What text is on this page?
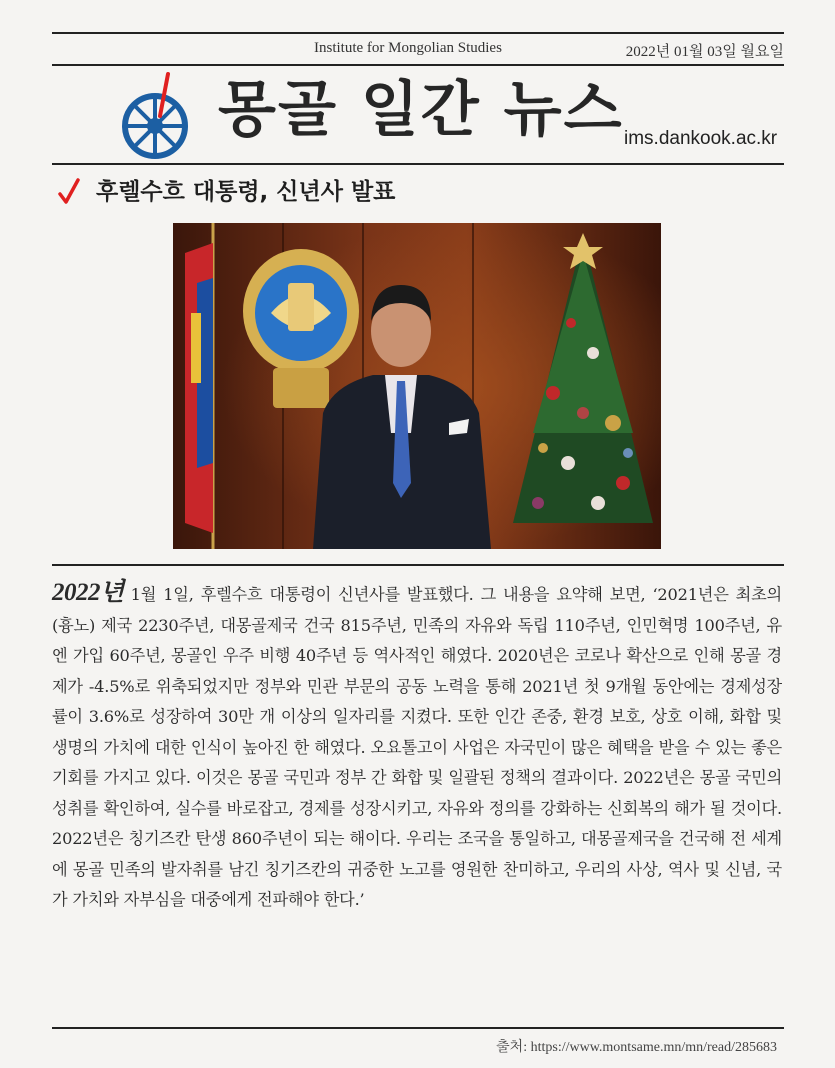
Institute for Mongolian Studies	2022년 01월 03일 월요일
몽골 일간 뉴스 ims.dankook.ac.kr
후렐수흐 대통령, 신년사 발표
2022년 1월 1일, 후렐수흐 대통령이 신년사를 발표했다. 그 내용을 요약해 보면, ‘2021년은 최초의 (흉노) 제국 2230주년, 대몽골제국 건국 815주년, 민족의 자유와 독립 110주년, 인민혁명 100주년, 유엔 가입 60주년, 몽골인 우주 비행 40주년 등 역사적인 해였다. 2020년은 코로나 확산으로 인해 몽골 경제가 -4.5%로 위축되었지만 정부와 민관 부문의 공동 노력을 통해 2021년 첫 9개월 동안에는 경제성장률이 3.6%로 성장하여 30만 개 이상의 일자리를 지켰다. 또한 인간 존중, 환경 보호, 상호 이해, 화합 및 생명의 가치에 대한 인식이 높아진 한 해였다. 오요톨고이 사업은 자국민이 많은 혜택을 받을 수 있는 좋은 기회를 가지고 있다. 이것은 몽골 국민과 정부 간 화합 및 일괄된 정책의 결과이다. 2022년은 몽골 국민의 성취를 확인하여, 실수를 바로잡고, 경제를 성장시키고, 자유와 정의를 강화하는 신회복의 해가 될 것이다. 2022년은 칭기즈칸 탄생 860주년이 되는 해이다. 우리는 조국을 통일하고, 대몽골제국을 건국해 전 세계에 몽골 민족의 발자취를 남긴 칭기즈칸의 귀중한 노고를 영원한 찬미하고, 우리의 사상, 역사 및 신념, 국가 가치와 자부심을 대중에게 전파해야 한다.’
출처: https://www.montsame.mn/mn/read/285683
